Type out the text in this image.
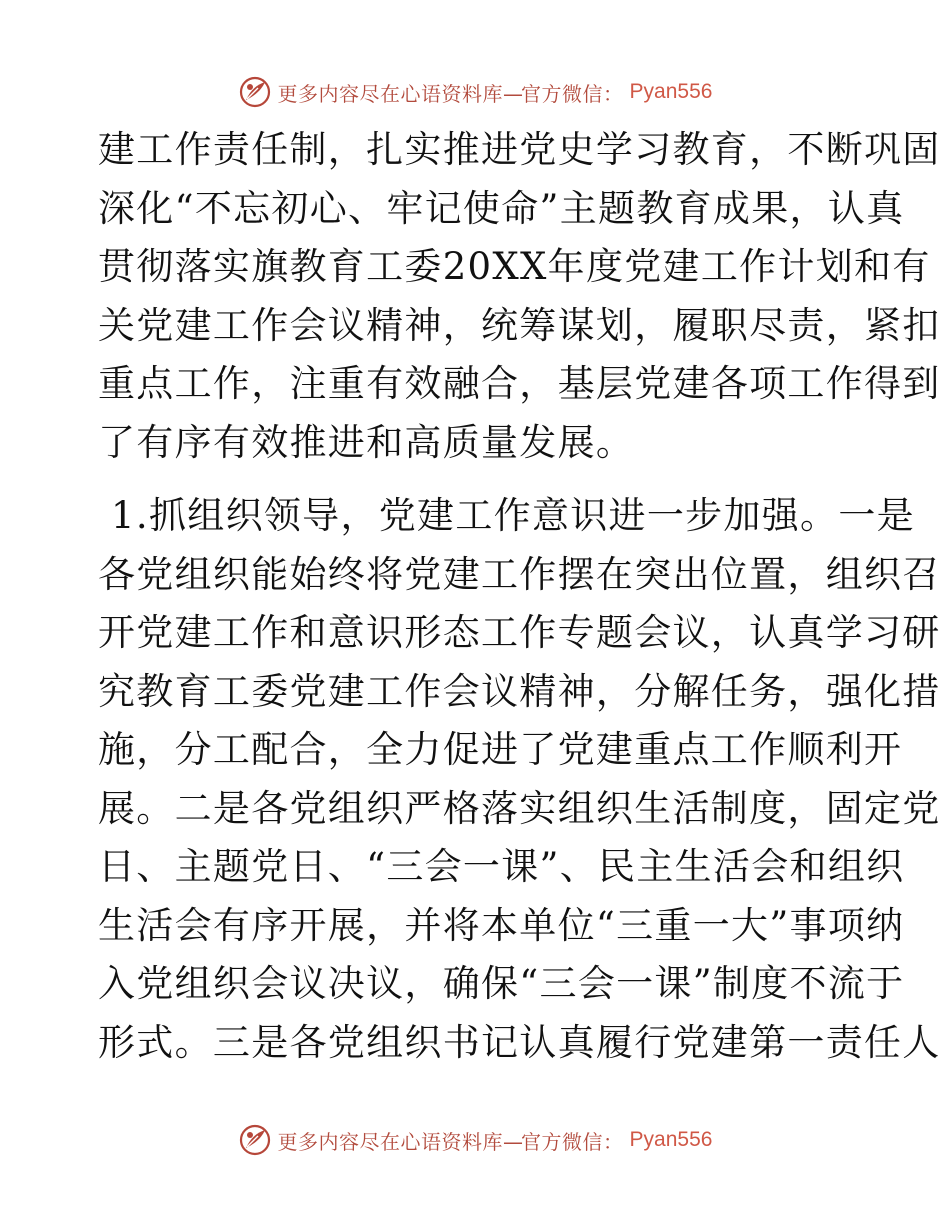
更多内容尽在心语资料库—官方微信： Pyan556
建工作责任制，扎实推进党史学习教育，不断巩固
深化“不忘初心、牢记使命”主题教育成果，认真
贯彻落实旗教育工委20XX年度党建工作计划和有
关党建工作会议精神，统筹谋划，履职尽责，紧扣
重点工作，注重有效融合，基层党建各项工作得到
了有序有效推进和高质量发展。
1.抓组织领导，党建工作意识进一步加强。一是
各党组织能始终将党建工作摆在突出位置，组织召
开党建工作和意识形态工作专题会议，认真学习研
究教育工委党建工作会议精神，分解任务，强化措
施，分工配合，全力促进了党建重点工作顺利开
展。二是各党组织严格落实组织生活制度，固定党
日、主题党日、“三会一课”、民主生活会和组织
生活会有序开展，并将本单位“三重一大”事项纳
入党组织会议决议，确保“三会一课”制度不流于
形式。三是各党组织书记认真履行党建第一责任人
更多内容尽在心语资料库—官方微信： Pyan556
